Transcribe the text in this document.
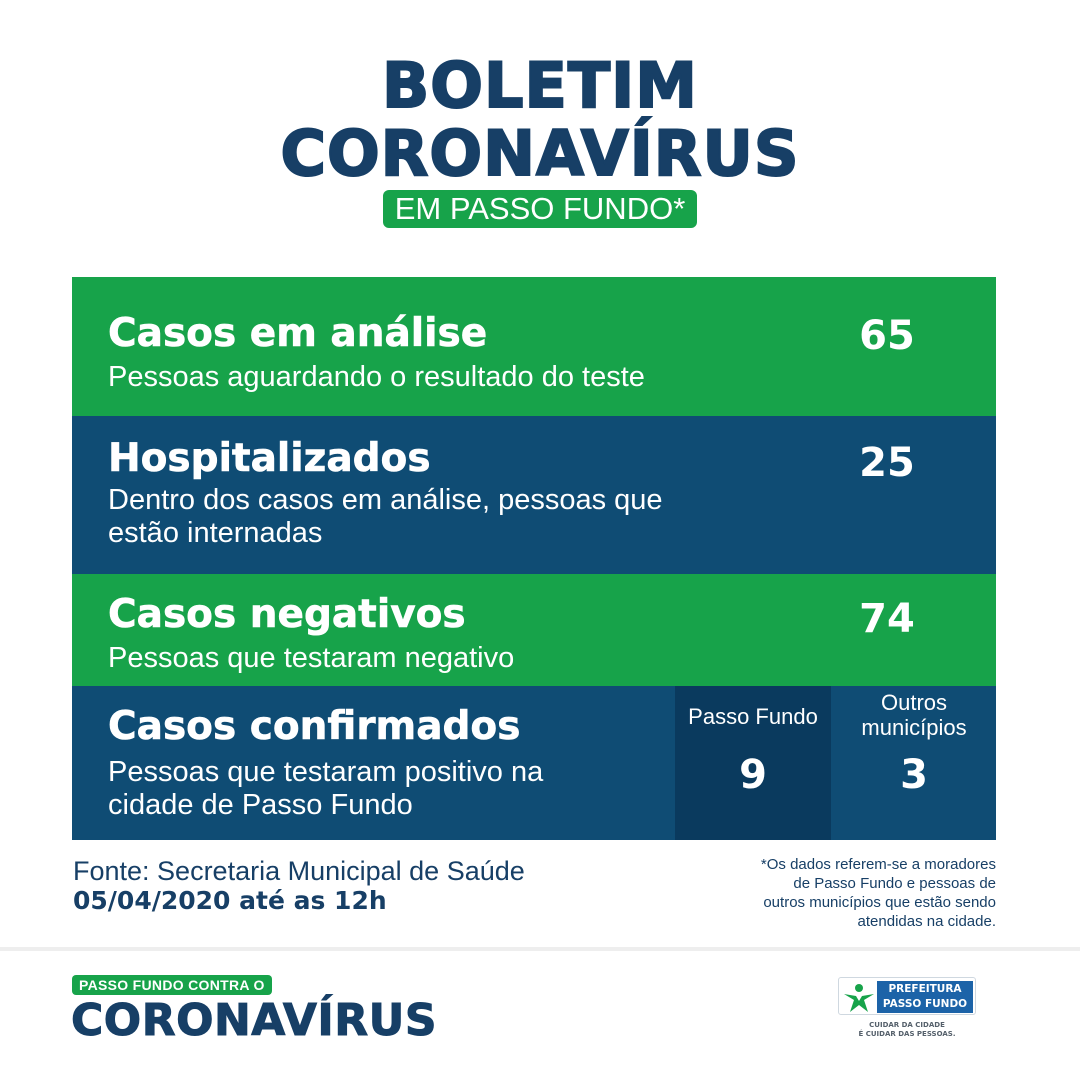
BOLETIM
CORONAVÍRUS
EM PASSO FUNDO*
Casos em análise
Pessoas aguardando o resultado do teste
65
Hospitalizados
Dentro dos casos em análise, pessoas que
estão internadas
25
Casos negativos
Pessoas que testaram negativo
74
Casos confirmados
Pessoas que testaram positivo na
cidade de Passo Fundo
Passo Fundo
9
Outros
municípios
3
Fonte: Secretaria Municipal de Saúde
05/04/2020 até as 12h
*Os dados referem-se a moradores
de Passo Fundo e pessoas de
outros municípios que estão sendo
atendidas na cidade.
PASSO FUNDO CONTRA O
CORONAVÍRUS
PREFEITURA
PASSO FUNDO
CUIDAR DA CIDADE
É CUIDAR DAS PESSOAS.
